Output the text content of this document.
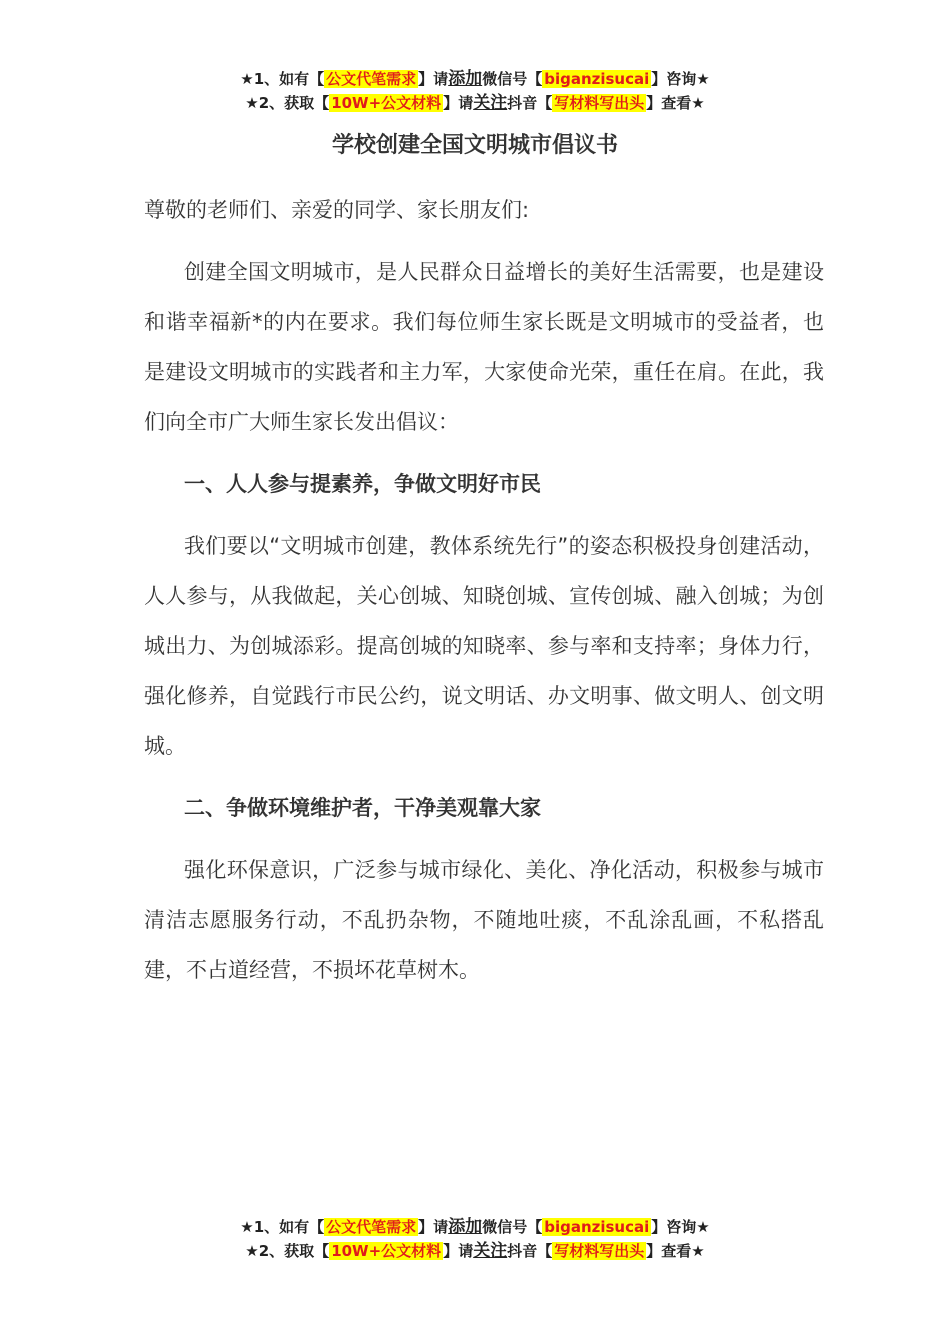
★1、如有【 公文代笔需求 】请添加微信号【 biganzisucai 】咨询★
★2、获取【 10W+公文材料 】请关注抖音【 写材料写出头 】查看★
学校创建全国文明城市倡议书

尊敬的老师们、亲爱的同学、家长朋友们:

创建全国文明城市，是人民群众日益增长的美好生活需要，也是建设和谐幸福新*的内在要求。我们每位师生家长既是文明城市的受益者，也是建设文明城市的实践者和主力军，大家使命光荣，重任在肩。在此，我们向全市广大师生家长发出倡议：

一、人人参与提素养，争做文明好市民

我们要以“文明城市创建，教体系统先行”的姿态积极投身创建活动，人人参与，从我做起，关心创城、知晓创城、宣传创城、融入创城；为创城出力、为创城添彩。提高创城的知晓率、参与率和支持率；身体力行，强化修养，自觉践行市民公约，说文明话、办文明事、做文明人、创文明城。

二、争做环境维护者，干净美观靠大家

强化环保意识，广泛参与城市绿化、美化、净化活动，积极参与城市清洁志愿服务行动，不乱扔杂物，不随地吐痰，不乱涂乱画，不私搭乱建，不占道经营，不损坏花草树木。

★1、如有【 公文代笔需求 】请添加微信号【 biganzisucai 】咨询★
★2、获取【 10W+公文材料 】请关注抖音【 写材料写出头 】查看★
